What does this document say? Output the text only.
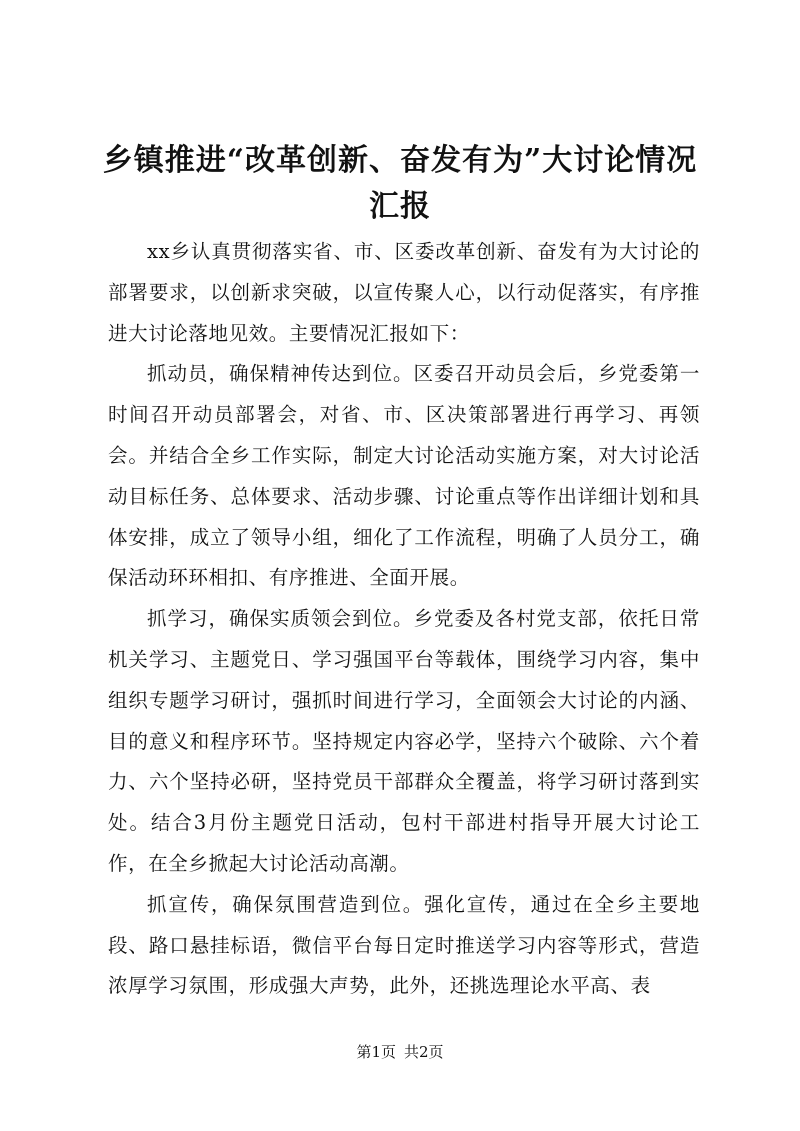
乡镇推进“改革创新、奋发有为”大讨论情况汇报

xx乡认真贯彻落实省、市、区委改革创新、奋发有为大讨论的部署要求，以创新求突破，以宣传聚人心，以行动促落实，有序推进大讨论落地见效。主要情况汇报如下：

抓动员，确保精神传达到位。区委召开动员会后，乡党委第一时间召开动员部署会，对省、市、区决策部署进行再学习、再领会。并结合全乡工作实际，制定大讨论活动实施方案，对大讨论活动目标任务、总体要求、活动步骤、讨论重点等作出详细计划和具体安排，成立了领导小组，细化了工作流程，明确了人员分工，确保活动环环相扣、有序推进、全面开展。

抓学习，确保实质领会到位。乡党委及各村党支部，依托日常机关学习、主题党日、学习强国平台等载体，围绕学习内容，集中组织专题学习研讨，强抓时间进行学习，全面领会大讨论的内涵、目的意义和程序环节。坚持规定内容必学，坚持六个破除、六个着力、六个坚持必研，坚持党员干部群众全覆盖，将学习研讨落到实处。结合3月份主题党日活动，包村干部进村指导开展大讨论工作，在全乡掀起大讨论活动高潮。

抓宣传，确保氛围营造到位。强化宣传，通过在全乡主要地段、路口悬挂标语，微信平台每日定时推送学习内容等形式，营造浓厚学习氛围，形成强大声势，此外，还挑选理论水平高、表

第1页 共2页
